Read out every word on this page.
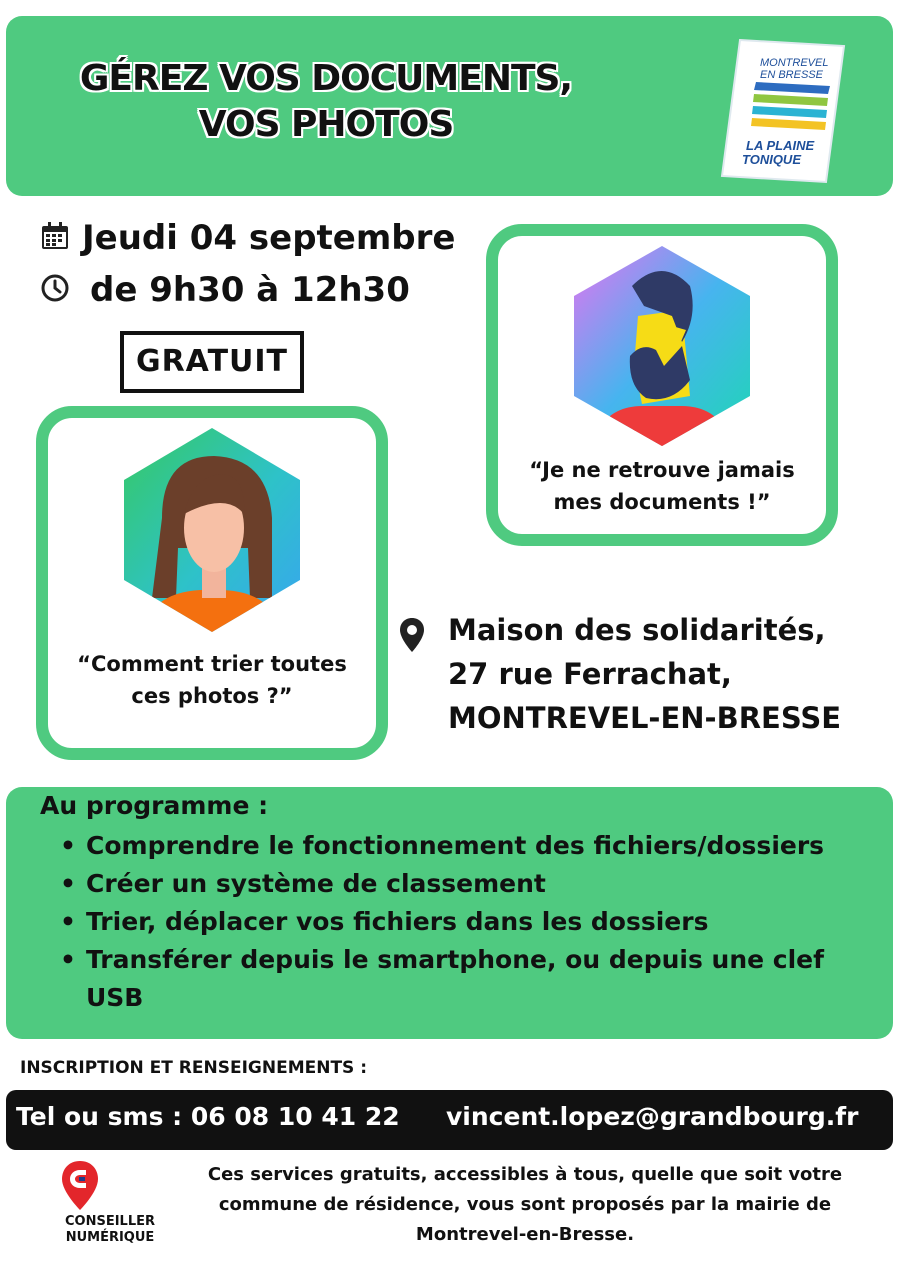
GÉREZ VOS DOCUMENTS,
VOS PHOTOS
MONTREVEL
EN BRESSE
LA PLAINE
TONIQUE
Jeudi 04 septembre
de 9h30 à 12h30
GRATUIT
“Je ne retrouve jamais
mes documents !”
“Comment trier toutes
ces photos ?”
Maison des solidarités,
27 rue Ferrachat,
MONTREVEL-EN-BRESSE
Au programme :
• Comprendre le fonctionnement des fichiers/dossiers
• Créer un système de classement
• Trier, déplacer vos fichiers dans les dossiers
• Transférer depuis le smartphone, ou depuis une clef USB
INSCRIPTION ET RENSEIGNEMENTS :
Tel ou sms : 06 08 10 41 22 vincent.lopez@grandbourg.fr
CONSEILLER
NUMÉRIQUE
Ces services gratuits, accessibles à tous, quelle que soit votre
commune de résidence, vous sont proposés par la mairie de
Montrevel-en-Bresse.
